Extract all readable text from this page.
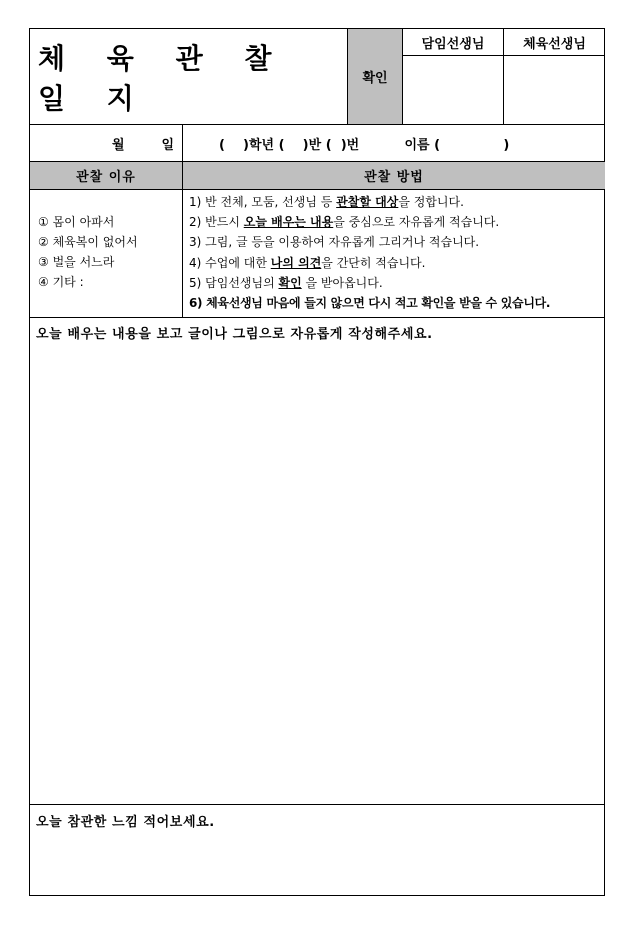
체 육 관 찰 일 지
확인
담임선생님	체육선생님
월	일	(    )학년 (    )반 (  )번          이름 (              )
관찰 이유	관찰 방법
① 몸이 아파서
② 체육복이 없어서
③ 벌을 서느라
④ 기타 :
1) 반 전체, 모둠, 선생님 등 관찰할 대상을 정합니다.
2) 반드시 오늘 배우는 내용을 중심으로 자유롭게 적습니다.
3) 그림, 글 등을 이용하여 자유롭게 그리거나 적습니다.
4) 수업에 대한 나의 의견을 간단히 적습니다.
5) 담임선생님의 확인 을 받아옵니다.
6) 체육선생님 마음에 들지 않으면 다시 적고 확인을 받을 수 있습니다.
오늘 배우는 내용을 보고 글이나 그림으로 자유롭게 작성해주세요.
오늘 참관한 느낌 적어보세요.
